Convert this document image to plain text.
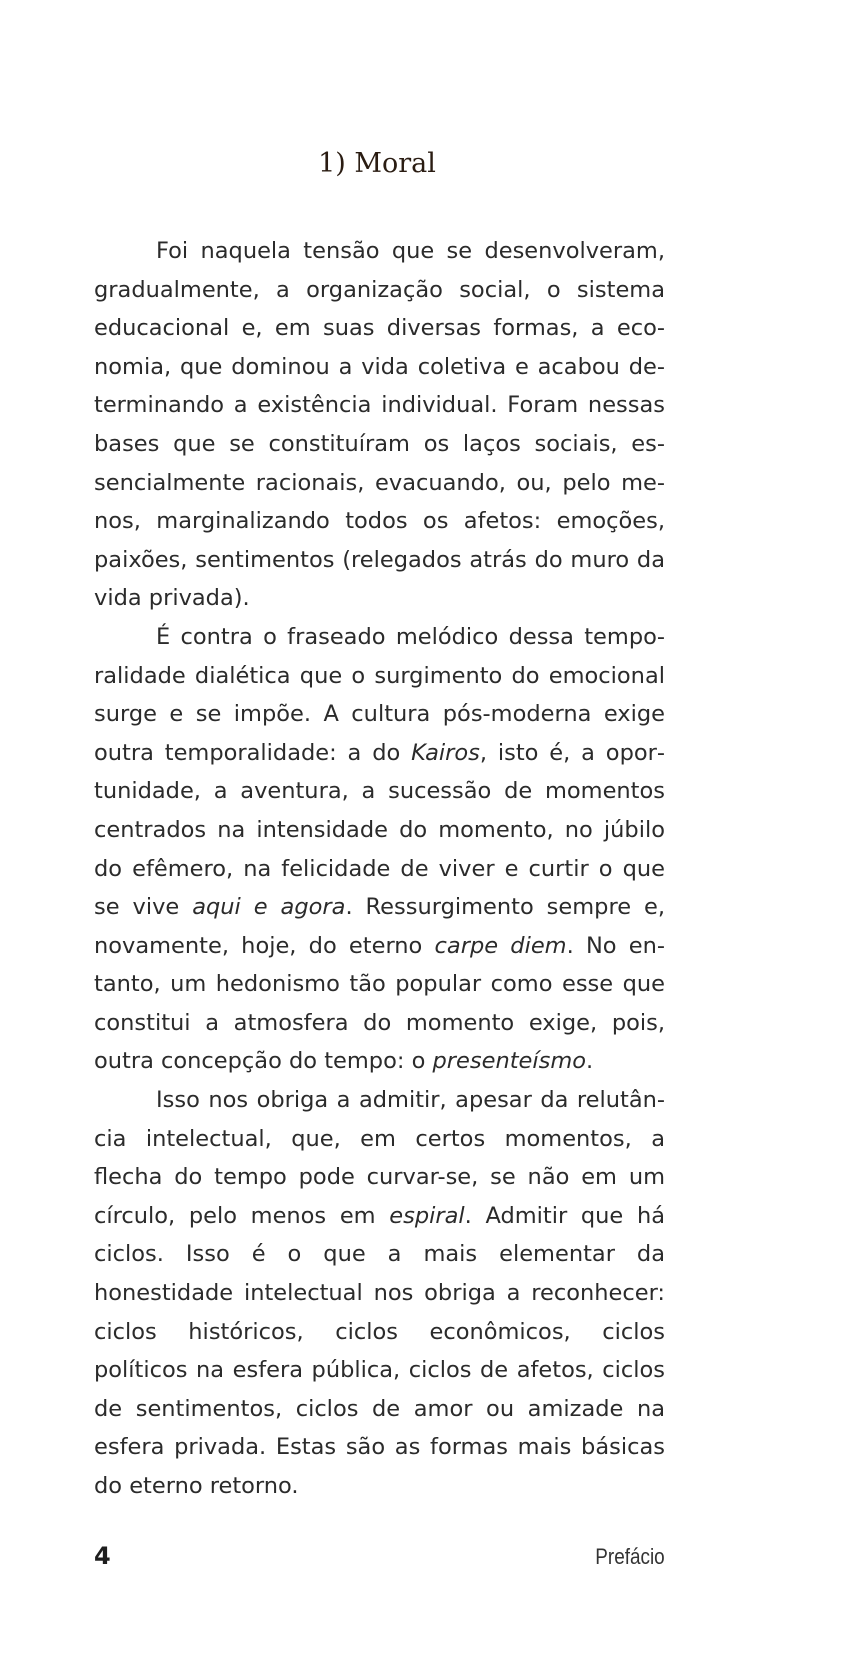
1) Moral

Foi naquela tensão que se desenvolveram, gradualmente, a organização social, o sistema educacional e, em suas diversas formas, a economia, que dominou a vida coletiva e acabou determinando a existência individual. Foram nessas bases que se constituíram os laços sociais, essencialmente racionais, evacuando, ou, pelo menos, marginalizando todos os afetos: emoções, paixões, sentimentos (relegados atrás do muro da vida privada).

É contra o fraseado melódico dessa temporalidade dialética que o surgimento do emocional surge e se impõe. A cultura pós-moderna exige outra temporalidade: a do Kairos, isto é, a oportunidade, a aventura, a sucessão de momentos centrados na intensidade do momento, no júbilo do efêmero, na felicidade de viver e curtir o que se vive aqui e agora. Ressurgimento sempre e, novamente, hoje, do eterno carpe diem. No entanto, um hedonismo tão popular como esse que constitui a atmosfera do momento exige, pois, outra concepção do tempo: o presenteísmo.

Isso nos obriga a admitir, apesar da relutância intelectual, que, em certos momentos, a flecha do tempo pode curvar-se, se não em um círculo, pelo menos em espiral. Admitir que há ciclos. Isso é o que a mais elementar da honestidade intelectual nos obriga a reconhecer: ciclos históricos, ciclos econômicos, ciclos políticos na esfera pública, ciclos de afetos, ciclos de sentimentos, ciclos de amor ou amizade na esfera privada. Estas são as formas mais básicas do eterno retorno.

4	Prefácio
